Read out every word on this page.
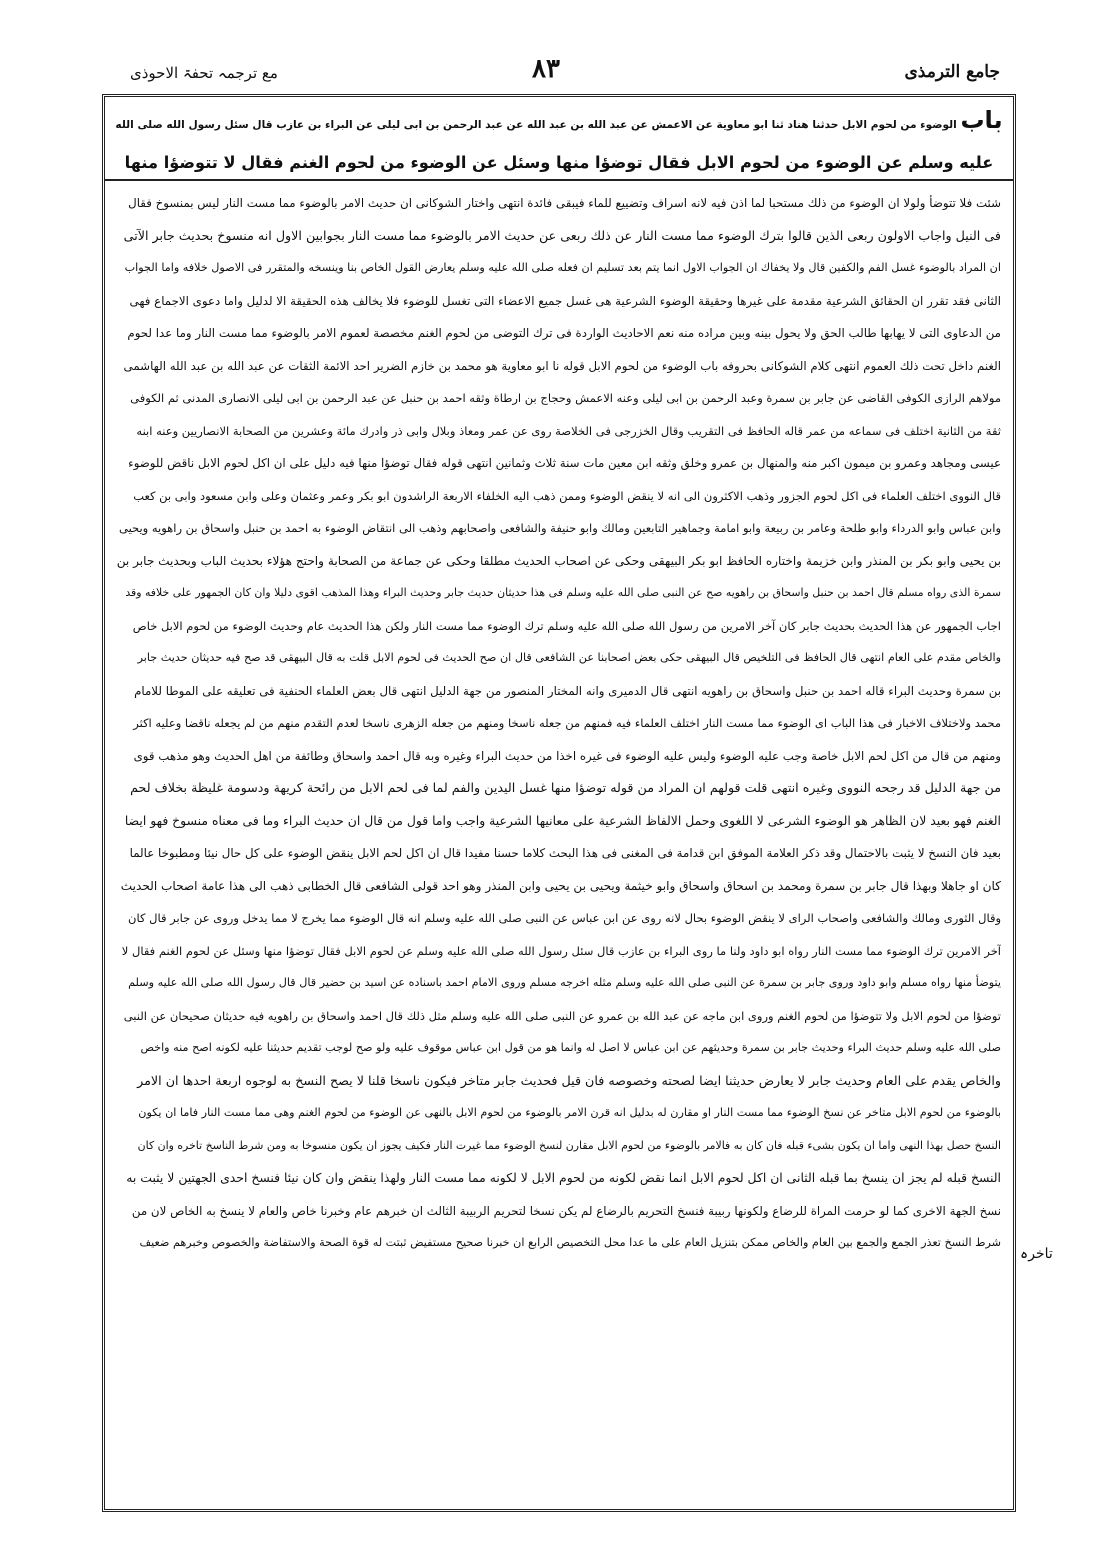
مع ترجمہ تحفۃ الاحوذی	۸۳	جامع الترمذی
باب الوضوء من لحوم الابل حدثنا هناد ثنا ابو معاوية عن الاعمش عن عبد الله بن عبد الله عن عبد الرحمن بن ابی لیلی عن البراء بن عازب قال سئل رسول الله صلی الله
علیه وسلم عن الوضوء من لحوم الابل فقال توضؤا منها وسئل عن الوضوء من لحوم الغنم فقال لا تتوضؤا منها
شئت فلا تتوضأ ولولا ان الوضوء من ذلك مستحبا لما اذن فيه لانه اسراف وتضییع للماء فیبقی فائدة انتهی واختار الشوكانی ان حدیث الامر بالوضوء مما مست النار لیس بمنسوخ فقال
فی النیل واجاب الاولون ربعی الذین قالوا بترك الوضوء مما مست النار عن ذلك ربعی عن حدیث الامر بالوضوء مما مست النار بجوابین الاول انه منسوخ بحدیث جابر الآتی
ان المراد بالوضوء غسل الفم والكفین قال ولا یخفاك ان الجواب الاول انما یتم بعد تسلیم ان فعله صلی الله علیه وسلم یعارض القول الخاص بنا وینسخه والمتقرر فی الاصول خلافه واما الجواب
الثانی فقد تقرر ان الحقائق الشرعیة مقدمة علی غیرها وحقیقة الوضوء الشرعیة هی غسل جمیع الاعضاء التی تغسل للوضوء فلا یخالف هذه الحقیقة الا لدلیل واما دعوی الاجماع فهی
من الدعاوی التی لا یهابها طالب الحق ولا یحول بینه وبین مراده منه نعم الاحادیث الواردة فی ترك التوضی من لحوم الغنم مخصصة لعموم الامر بالوضوء مما مست النار وما عدا لحوم
الغنم داخل تحت ذلك العموم انتهی كلام الشوكانی بحروفه باب الوضوء من لحوم الابل قوله نا ابو معاویة هو محمد بن خازم الضریر احد الائمة الثقات عن عبد الله بن عبد الله الهاشمی
مولاهم الرازی الكوفی القاضی عن جابر بن سمرة وعبد الرحمن بن ابی لیلی وعنه الاعمش وحجاج بن ارطاة وثقه احمد بن حنبل عن عبد الرحمن بن ابی لیلی الانصاری المدنی ثم الكوفی
ثقة من الثانیة اختلف فی سماعه من عمر قاله الحافظ فی التقریب وقال الخزرجی فی الخلاصة روی عن عمر ومعاذ وبلال وابی ذر وادرك مائة وعشرین من الصحابة الانصاریین وعنه ابنه
عیسی ومجاهد وعمرو بن میمون اكبر منه والمنهال بن عمرو وخلق وثقه ابن معین مات سنة ثلاث وثمانین انتهی قوله فقال توضؤا منها فیه دلیل علی ان اكل لحوم الابل ناقض للوضوء
قال النووی اختلف العلماء فی اكل لحوم الجزور وذهب الاكثرون الی انه لا ینقض الوضوء وممن ذهب الیه الخلفاء الاربعة الراشدون ابو بكر وعمر وعثمان وعلی وابن مسعود وابی بن كعب
وابن عباس وابو الدرداء وابو طلحة وعامر بن ربیعة وابو امامة وجماهیر التابعین ومالك وابو حنیفة والشافعی واصحابهم وذهب الی انتقاض الوضوء به احمد بن حنبل واسحاق بن راهویه ویحیی
بن یحیی وابو بكر بن المنذر وابن خزیمة واختاره الحافظ ابو بكر البیهقی وحكی عن اصحاب الحدیث مطلقا وحكی عن جماعة من الصحابة واحتج هؤلاء بحدیث الباب وبحدیث جابر بن
سمرة الذی رواه مسلم قال احمد بن حنبل واسحاق بن راهویه صح عن النبی صلی الله علیه وسلم فی هذا حدیثان حدیث جابر وحدیث البراء وهذا المذهب اقوی دلیلا وان كان الجمهور علی خلافه وقد
اجاب الجمهور عن هذا الحدیث بحدیث جابر كان آخر الامرین من رسول الله صلی الله علیه وسلم ترك الوضوء مما مست النار ولكن هذا الحدیث عام وحدیث الوضوء من لحوم الابل خاص
والخاص مقدم علی العام انتهی قال الحافظ فی التلخیص قال البیهقی حكی بعض اصحابنا عن الشافعی قال ان صح الحدیث فی لحوم الابل قلت به قال البیهقی قد صح فیه حدیثان حدیث جابر
بن سمرة وحدیث البراء قاله احمد بن حنبل واسحاق بن راهویه انتهی قال الدمیری وانه المختار المنصور من جهة الدلیل انتهی قال بعض العلماء الحنفیة فی تعلیقه علی الموطا للامام
محمد ولاختلاف الاخبار فی هذا الباب ای الوضوء مما مست النار اختلف العلماء فیه فمنهم من جعله ناسخا ومنهم من جعله الزهری ناسخا لعدم التقدم منهم من لم یجعله ناقضا وعلیه اكثر
ومنهم من قال من اكل لحم الابل خاصة وجب علیه الوضوء ولیس علیه الوضوء فی غیره اخذا من حدیث البراء وغیره وبه قال احمد واسحاق وطائفة من اهل الحدیث وهو مذهب قوی
من جهة الدلیل قد رجحه النووی وغیره انتهی قلت قولهم ان المراد من قوله توضؤا منها غسل الیدین والفم لما فی لحم الابل من رائحة كریهة ودسومة غلیظة بخلاف لحم
الغنم فهو بعید لان الظاهر هو الوضوء الشرعی لا اللغوی وحمل الالفاظ الشرعیة علی معانیها الشرعیة واجب واما قول من قال ان حدیث البراء وما فی معناه منسوخ فهو ایضا
بعید فان النسخ لا یثبت بالاحتمال وقد ذكر العلامة الموفق ابن قدامة فی المغنی فی هذا البحث كلاما حسنا مفیدا قال ان اكل لحم الابل ینقض الوضوء علی كل حال نیئا ومطبوخا عالما
كان او جاهلا وبهذا قال جابر بن سمرة ومحمد بن اسحاق واسحاق وابو خیثمة ویحیی بن یحیی وابن المنذر وهو احد قولی الشافعی قال الخطابی ذهب الی هذا عامة اصحاب الحدیث
وقال الثوری ومالك والشافعی واصحاب الرای لا ینقض الوضوء بحال لانه روی عن ابن عباس عن النبی صلی الله علیه وسلم انه قال الوضوء مما یخرج لا مما یدخل وروی عن جابر قال كان
آخر الامرین ترك الوضوء مما مست النار رواه ابو داود ولنا ما روی البراء بن عازب قال سئل رسول الله صلی الله علیه وسلم عن لحوم الابل فقال توضؤا منها وسئل عن لحوم الغنم فقال لا
یتوضأ منها رواه مسلم وابو داود وروی جابر بن سمرة عن النبی صلی الله علیه وسلم مثله اخرجه مسلم وروی الامام احمد باسناده عن اسید بن حضیر قال قال رسول الله صلی الله علیه وسلم
توضؤا من لحوم الابل ولا تتوضؤا من لحوم الغنم وروی ابن ماجه عن عبد الله بن عمرو عن النبی صلی الله علیه وسلم مثل ذلك قال احمد واسحاق بن راهویه فیه حدیثان صحیحان عن النبی
صلی الله علیه وسلم حدیث البراء وحدیث جابر بن سمرة وحدیثهم عن ابن عباس لا اصل له وانما هو من قول ابن عباس موقوف علیه ولو صح لوجب تقدیم حدیثنا علیه لكونه اصح منه واخص
والخاص یقدم علی العام وحدیث جابر لا یعارض حدیثنا ایضا لصحته وخصوصه فان قیل فحدیث جابر متاخر فیكون ناسخا قلنا لا یصح النسخ به لوجوه اربعة احدها ان الامر
بالوضوء من لحوم الابل متاخر عن نسخ الوضوء مما مست النار او مقارن له بدلیل انه قرن الامر بالوضوء من لحوم الابل بالنهی عن الوضوء من لحوم الغنم وهی مما مست النار فاما ان یكون
النسخ حصل بهذا النهی واما ان یكون بشیء قبله فان كان به فالامر بالوضوء من لحوم الابل مقارن لنسخ الوضوء مما غیرت النار فكیف یجوز ان یكون منسوخا به ومن شرط الناسخ تاخره وان كان
النسخ قبله لم یجز ان ینسخ بما قبله الثانی ان اكل لحوم الابل انما نقض لكونه من لحوم الابل لا لكونه مما مست النار ولهذا ینقض وان كان نیئا فنسخ احدی الجهتین لا یثبت به
نسخ الجهة الاخری كما لو حرمت المراة للرضاع ولكونها ربیبة فنسخ التحریم بالرضاع لم یكن نسخا لتحریم الربیبة الثالث ان خبرهم عام وخبرنا خاص والعام لا ینسخ به الخاص لان من
شرط النسخ تعذر الجمع والجمع بین العام والخاص ممكن بتنزیل العام علی ما عدا محل التخصیص الرابع ان خبرنا صحیح مستفیض ثبتت له قوة الصحة والاستفاضة والخصوص وخبرهم ضعیف
تاخرہ
